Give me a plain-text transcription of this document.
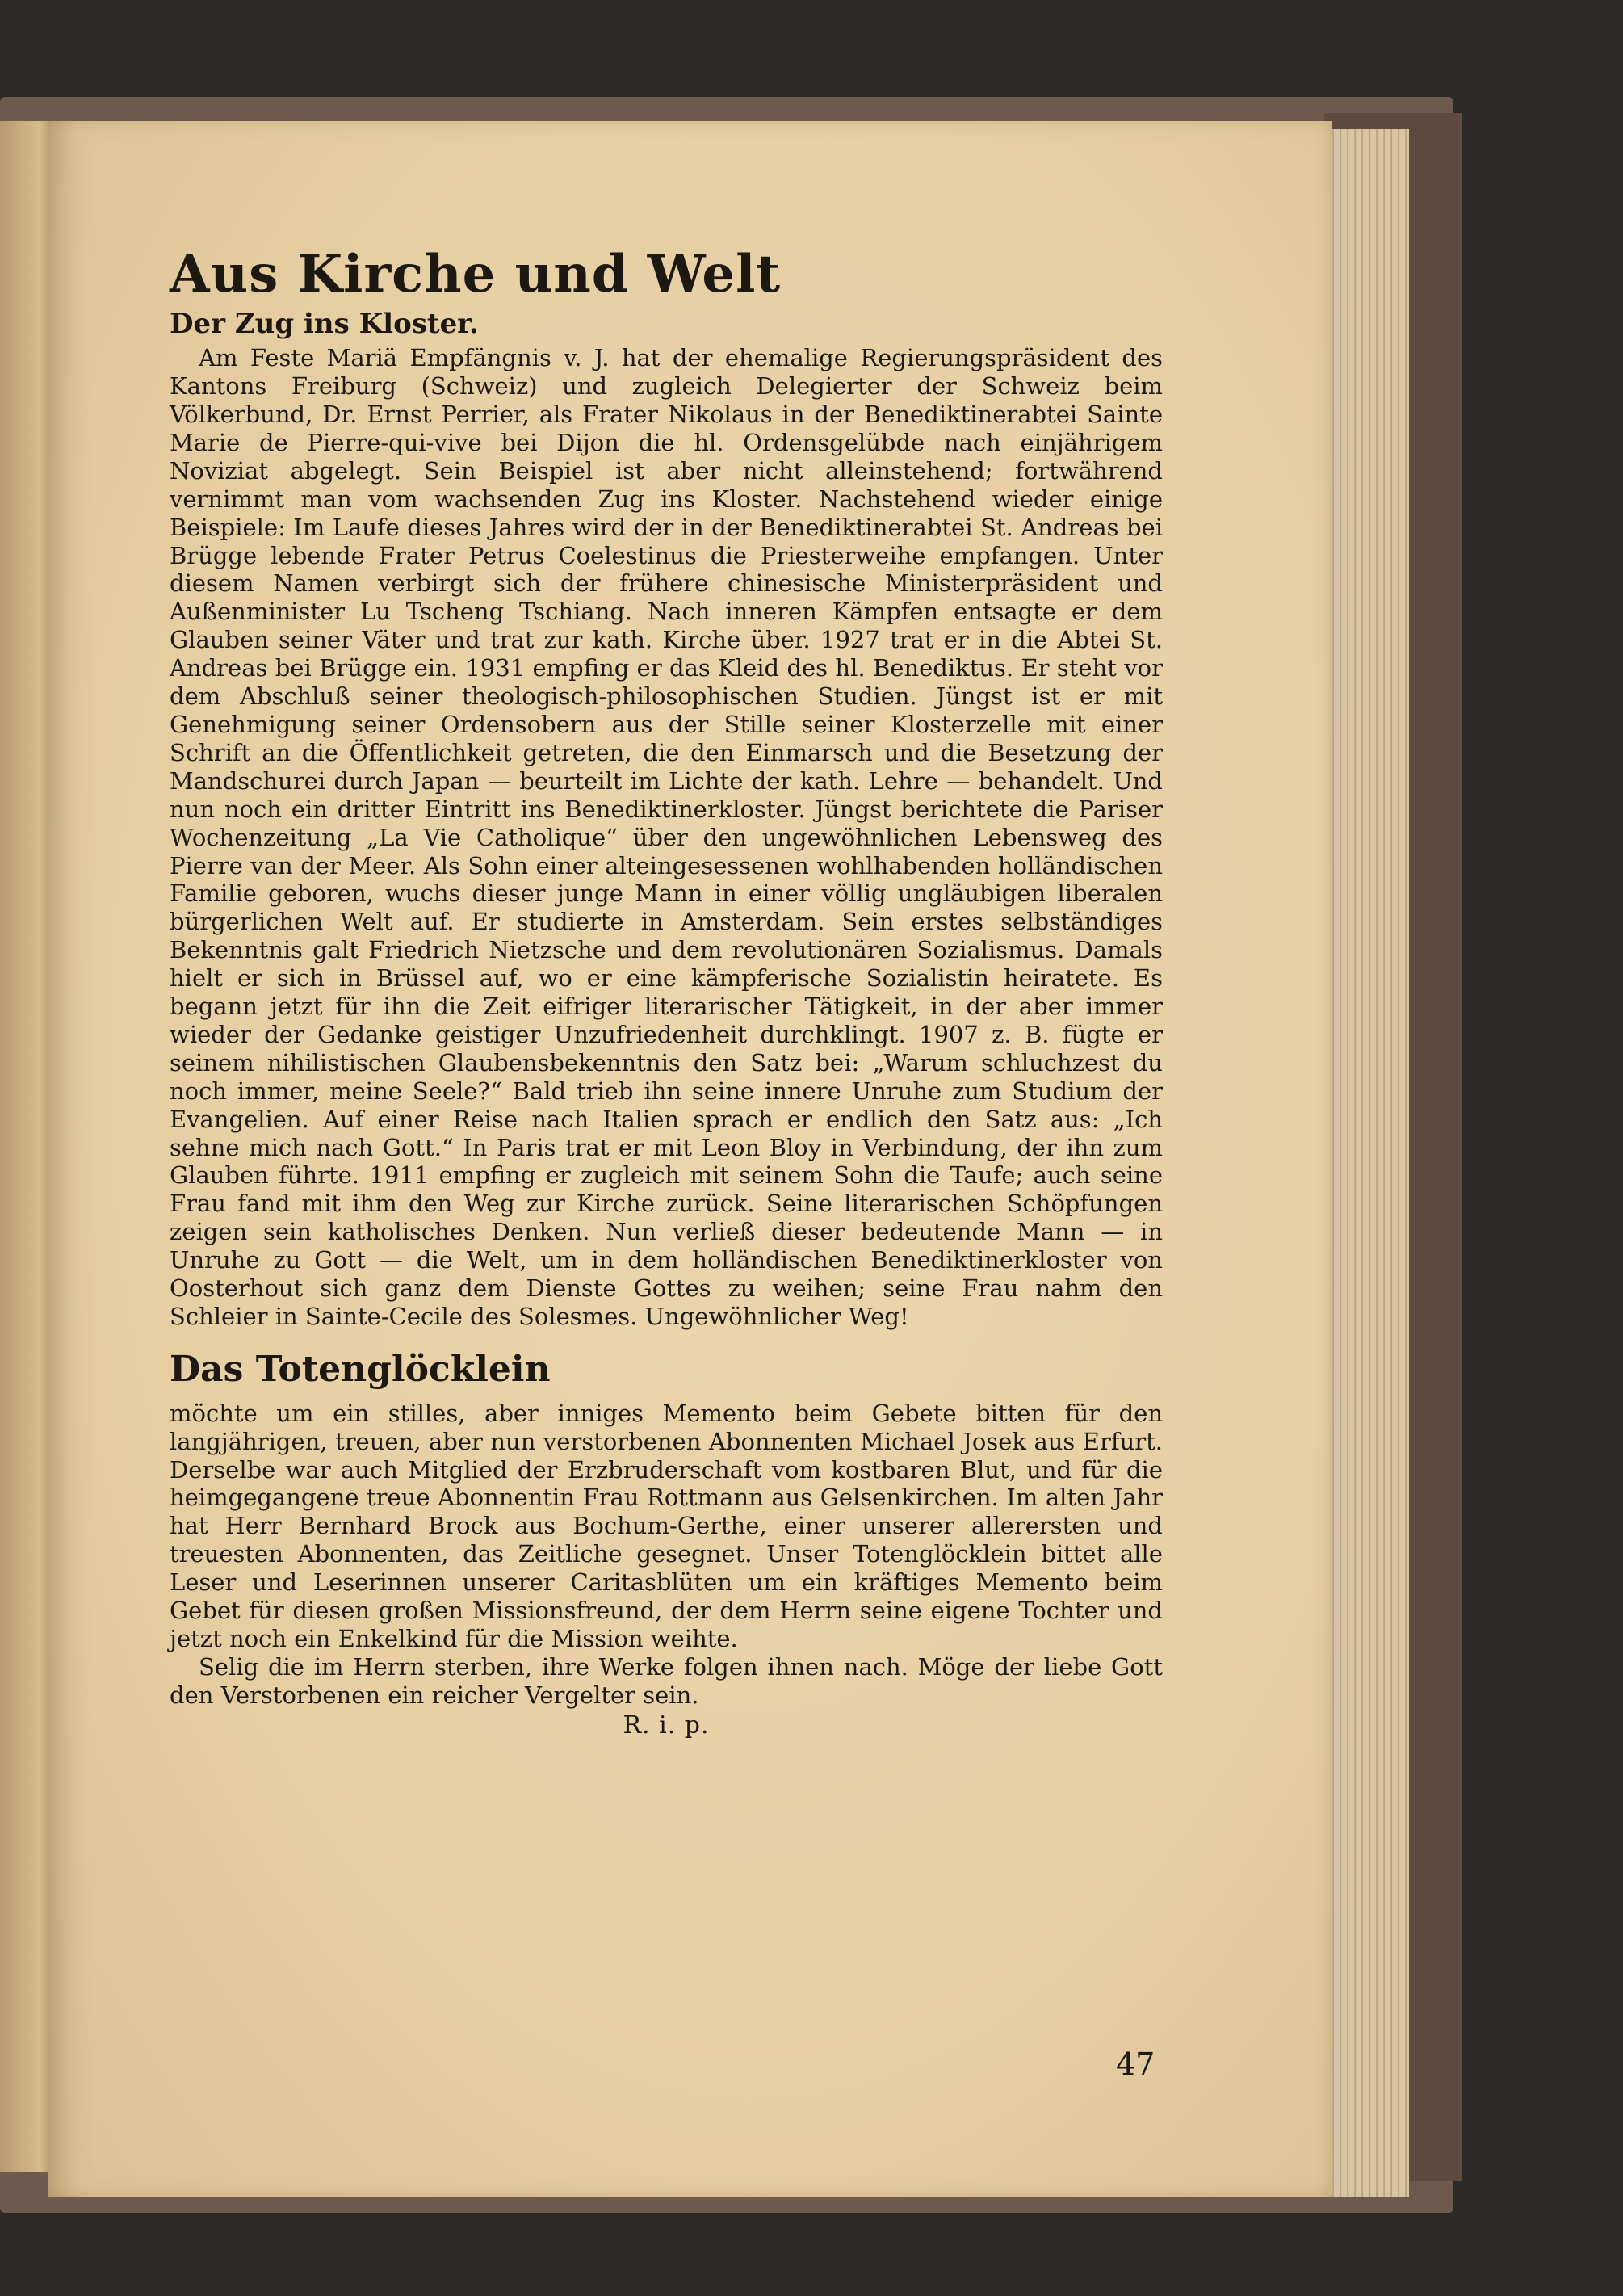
Aus Kirche und Welt
Der Zug ins Kloster.

Am Feste Mariä Empfängnis v. J. hat der ehemalige Regierungspräsident des Kantons Freiburg (Schweiz) und zugleich Delegierter der Schweiz beim Völkerbund, Dr. Ernst Perrier, als Frater Nikolaus in der Benediktinerabtei Sainte Marie de Pierre-qui-vive bei Dijon die hl. Ordensgelübde nach einjährigem Noviziat abgelegt. Sein Beispiel ist aber nicht alleinstehend; fortwährend vernimmt man vom wachsenden Zug ins Kloster. Nachstehend wieder einige Beispiele: Im Laufe dieses Jahres wird der in der Benediktinerabtei St. Andreas bei Brügge lebende Frater Petrus Coelestinus die Priesterweihe empfangen. Unter diesem Namen verbirgt sich der frühere chinesische Ministerpräsident und Außenminister Lu Tscheng Tschiang. Nach inneren Kämpfen entsagte er dem Glauben seiner Väter und trat zur kath. Kirche über. 1927 trat er in die Abtei St. Andreas bei Brügge ein. 1931 empfing er das Kleid des hl. Benediktus. Er steht vor dem Abschluß seiner theologisch-philosophischen Studien. Jüngst ist er mit Genehmigung seiner Ordensobern aus der Stille seiner Klosterzelle mit einer Schrift an die Öffentlichkeit getreten, die den Einmarsch und die Besetzung der Mandschurei durch Japan — beurteilt im Lichte der kath. Lehre — behandelt. Und nun noch ein dritter Eintritt ins Benediktinerkloster. Jüngst berichtete die Pariser Wochenzeitung „La Vie Catholique“ über den ungewöhnlichen Lebensweg des Pierre van der Meer. Als Sohn einer alteingesessenen wohlhabenden holländischen Familie geboren, wuchs dieser junge Mann in einer völlig ungläubigen liberalen bürgerlichen Welt auf. Er studierte in Amsterdam. Sein erstes selbständiges Bekenntnis galt Friedrich Nietzsche und dem revolutionären Sozialismus. Damals hielt er sich in Brüssel auf, wo er eine kämpferische Sozialistin heiratete. Es begann jetzt für ihn die Zeit eifriger literarischer Tätigkeit, in der aber immer wieder der Gedanke geistiger Unzufriedenheit durchklingt. 1907 z. B. fügte er seinem nihilistischen Glaubensbekenntnis den Satz bei: „Warum schluchzest du noch immer, meine Seele?“ Bald trieb ihn seine innere Unruhe zum Studium der Evangelien. Auf einer Reise nach Italien sprach er endlich den Satz aus: „Ich sehne mich nach Gott.“ In Paris trat er mit Leon Bloy in Verbindung, der ihn zum Glauben führte. 1911 empfing er zugleich mit seinem Sohn die Taufe; auch seine Frau fand mit ihm den Weg zur Kirche zurück. Seine literarischen Schöpfungen zeigen sein katholisches Denken. Nun verließ dieser bedeutende Mann — in Unruhe zu Gott — die Welt, um in dem holländischen Benediktinerkloster von Oosterhout sich ganz dem Dienste Gottes zu weihen; seine Frau nahm den Schleier in Sainte-Cecile des Solesmes. Ungewöhnlicher Weg!

Das Totenglöcklein

möchte um ein stilles, aber inniges Memento beim Gebete bitten für den langjährigen, treuen, aber nun verstorbenen Abonnenten Michael Josek aus Erfurt. Derselbe war auch Mitglied der Erzbruderschaft vom kostbaren Blut, und für die heimgegangene treue Abonnentin Frau Rottmann aus Gelsenkirchen. Im alten Jahr hat Herr Bernhard Brock aus Bochum-Gerthe, einer unserer allerersten und treuesten Abonnenten, das Zeitliche gesegnet. Unser Totenglöcklein bittet alle Leser und Leserinnen unserer Caritasblüten um ein kräftiges Memento beim Gebet für diesen großen Missionsfreund, der dem Herrn seine eigene Tochter und jetzt noch ein Enkelkind für die Mission weihte.

Selig die im Herrn sterben, ihre Werke folgen ihnen nach. Möge der liebe Gott den Verstorbenen ein reicher Vergelter sein.

R. i. p.

47
